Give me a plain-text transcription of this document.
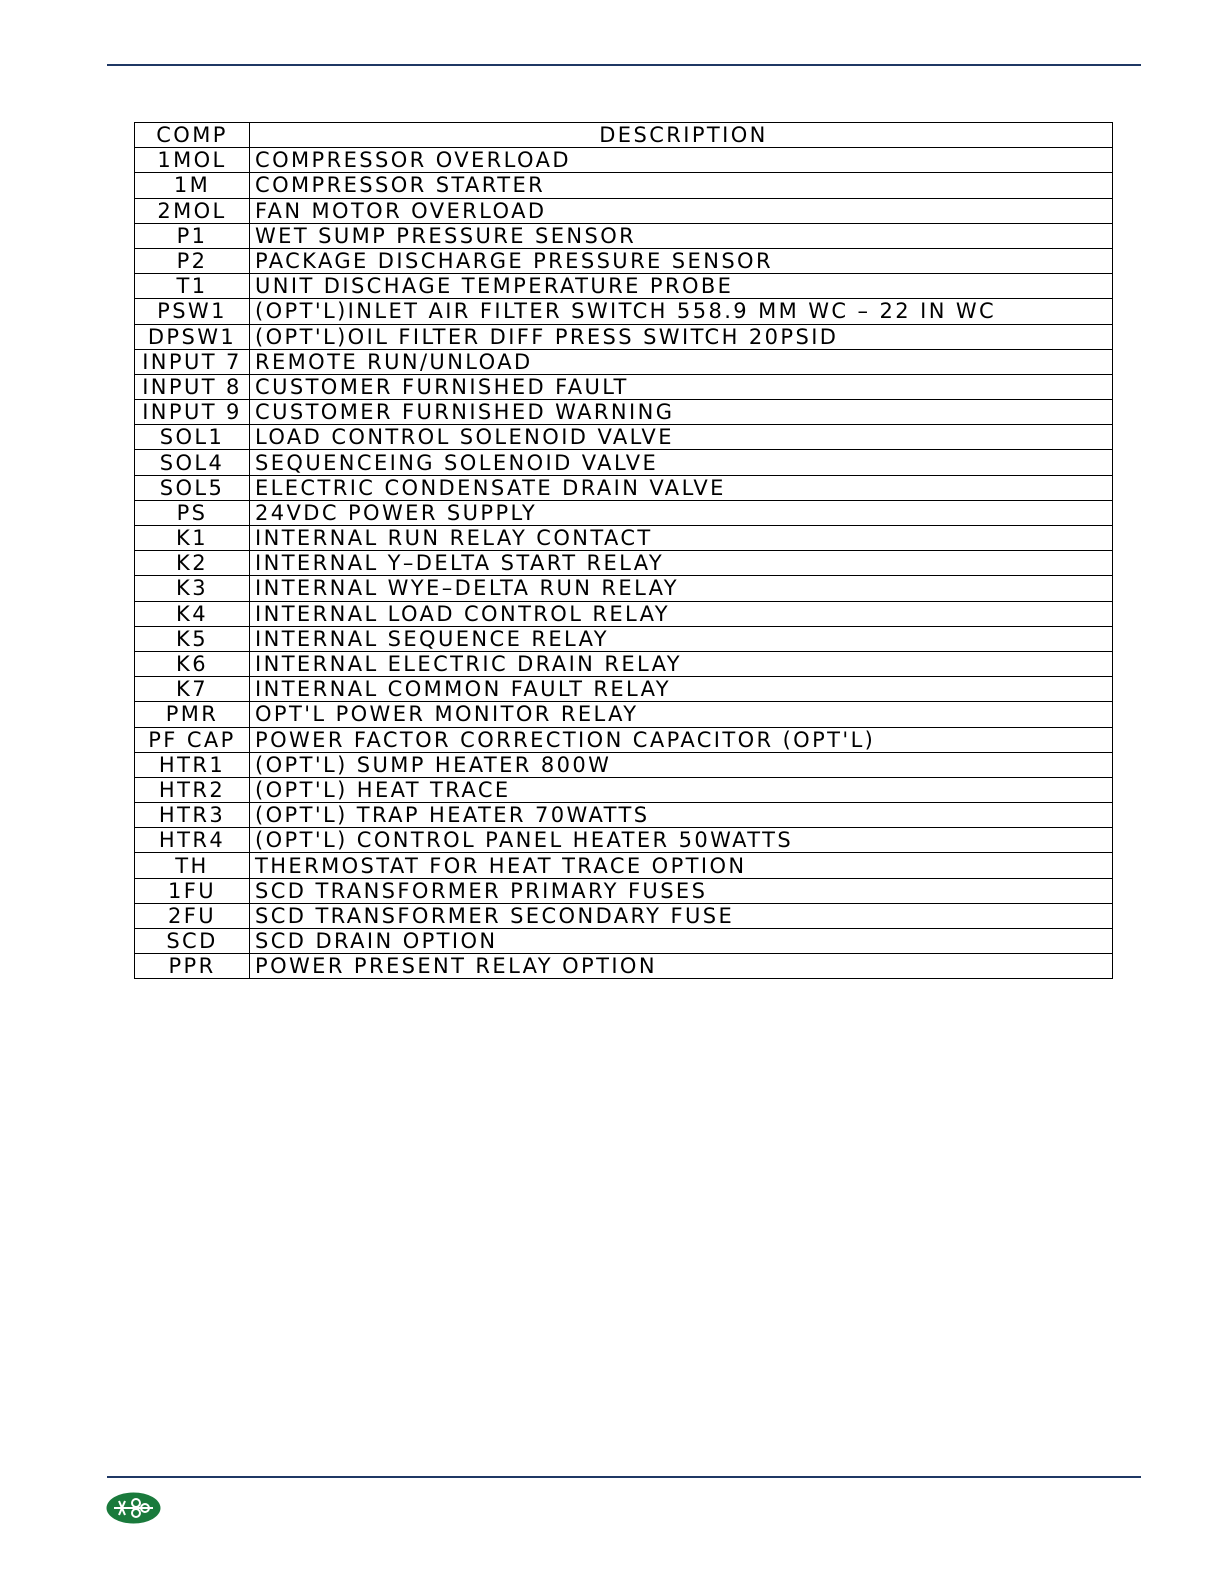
COMP	DESCRIPTION
1MOL	COMPRESSOR OVERLOAD
1M	COMPRESSOR STARTER
2MOL	FAN MOTOR OVERLOAD
P1	WET SUMP PRESSURE SENSOR
P2	PACKAGE DISCHARGE PRESSURE SENSOR
T1	UNIT DISCHAGE TEMPERATURE PROBE
PSW1	(OPT'L)INLET AIR FILTER SWITCH 558.9 MM WC – 22 IN WC
DPSW1	(OPT'L)OIL FILTER DIFF PRESS SWITCH 20PSID
INPUT 7	REMOTE RUN/UNLOAD
INPUT 8	CUSTOMER FURNISHED FAULT
INPUT 9	CUSTOMER FURNISHED WARNING
SOL1	LOAD CONTROL SOLENOID VALVE
SOL4	SEQUENCEING SOLENOID VALVE
SOL5	ELECTRIC CONDENSATE DRAIN VALVE
PS	24VDC POWER SUPPLY
K1	INTERNAL RUN RELAY CONTACT
K2	INTERNAL Y–DELTA START RELAY
K3	INTERNAL WYE–DELTA RUN RELAY
K4	INTERNAL LOAD CONTROL RELAY
K5	INTERNAL SEQUENCE RELAY
K6	INTERNAL ELECTRIC DRAIN RELAY
K7	INTERNAL COMMON FAULT RELAY
PMR	OPT'L POWER MONITOR RELAY
PF CAP	POWER FACTOR CORRECTION CAPACITOR (OPT'L)
HTR1	(OPT'L) SUMP HEATER 800W
HTR2	(OPT'L) HEAT TRACE
HTR3	(OPT'L) TRAP HEATER 70WATTS
HTR4	(OPT'L) CONTROL PANEL HEATER 50WATTS
TH	THERMOSTAT FOR HEAT TRACE OPTION
1FU	SCD TRANSFORMER PRIMARY FUSES
2FU	SCD TRANSFORMER SECONDARY FUSE
SCD	SCD DRAIN OPTION
PPR	POWER PRESENT RELAY OPTION
